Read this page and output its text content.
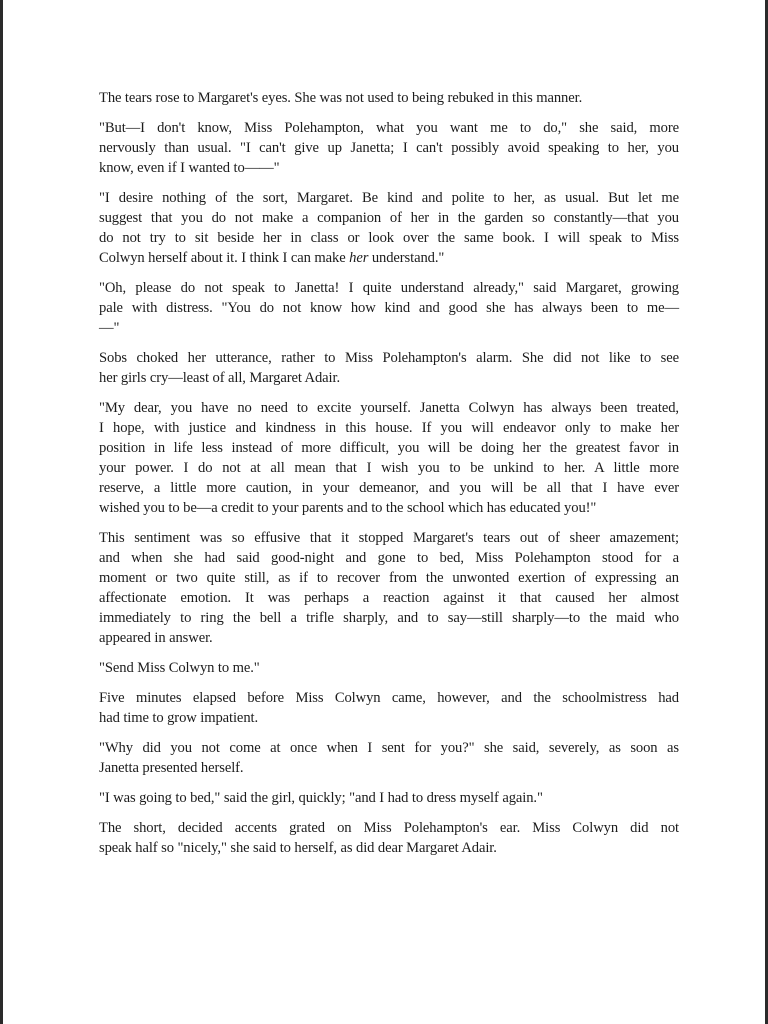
The tears rose to Margaret's eyes. She was not used to being rebuked in this manner.

"But—I don't know, Miss Polehampton, what you want me to do," she said, more
nervously than usual. "I can't give up Janetta; I can't possibly avoid speaking to her, you
know, even if I wanted to——"

"I desire nothing of the sort, Margaret. Be kind and polite to her, as usual. But let me
suggest that you do not make a companion of her in the garden so constantly—that you
do not try to sit beside her in class or look over the same book. I will speak to Miss
Colwyn herself about it. I think I can make her understand."

"Oh, please do not speak to Janetta! I quite understand already," said Margaret, growing
pale with distress. "You do not know how kind and good she has always been to me—
—"

Sobs choked her utterance, rather to Miss Polehampton's alarm. She did not like to see
her girls cry—least of all, Margaret Adair.

"My dear, you have no need to excite yourself. Janetta Colwyn has always been treated,
I hope, with justice and kindness in this house. If you will endeavor only to make her
position in life less instead of more difficult, you will be doing her the greatest favor in
your power. I do not at all mean that I wish you to be unkind to her. A little more
reserve, a little more caution, in your demeanor, and you will be all that I have ever
wished you to be—a credit to your parents and to the school which has educated you!"

This sentiment was so effusive that it stopped Margaret's tears out of sheer amazement;
and when she had said good-night and gone to bed, Miss Polehampton stood for a
moment or two quite still, as if to recover from the unwonted exertion of expressing an
affectionate emotion. It was perhaps a reaction against it that caused her almost
immediately to ring the bell a trifle sharply, and to say—still sharply—to the maid who
appeared in answer.

"Send Miss Colwyn to me."

Five minutes elapsed before Miss Colwyn came, however, and the schoolmistress had
had time to grow impatient.

"Why did you not come at once when I sent for you?" she said, severely, as soon as
Janetta presented herself.

"I was going to bed," said the girl, quickly; "and I had to dress myself again."

The short, decided accents grated on Miss Polehampton's ear. Miss Colwyn did not
speak half so "nicely," she said to herself, as did dear Margaret Adair.
